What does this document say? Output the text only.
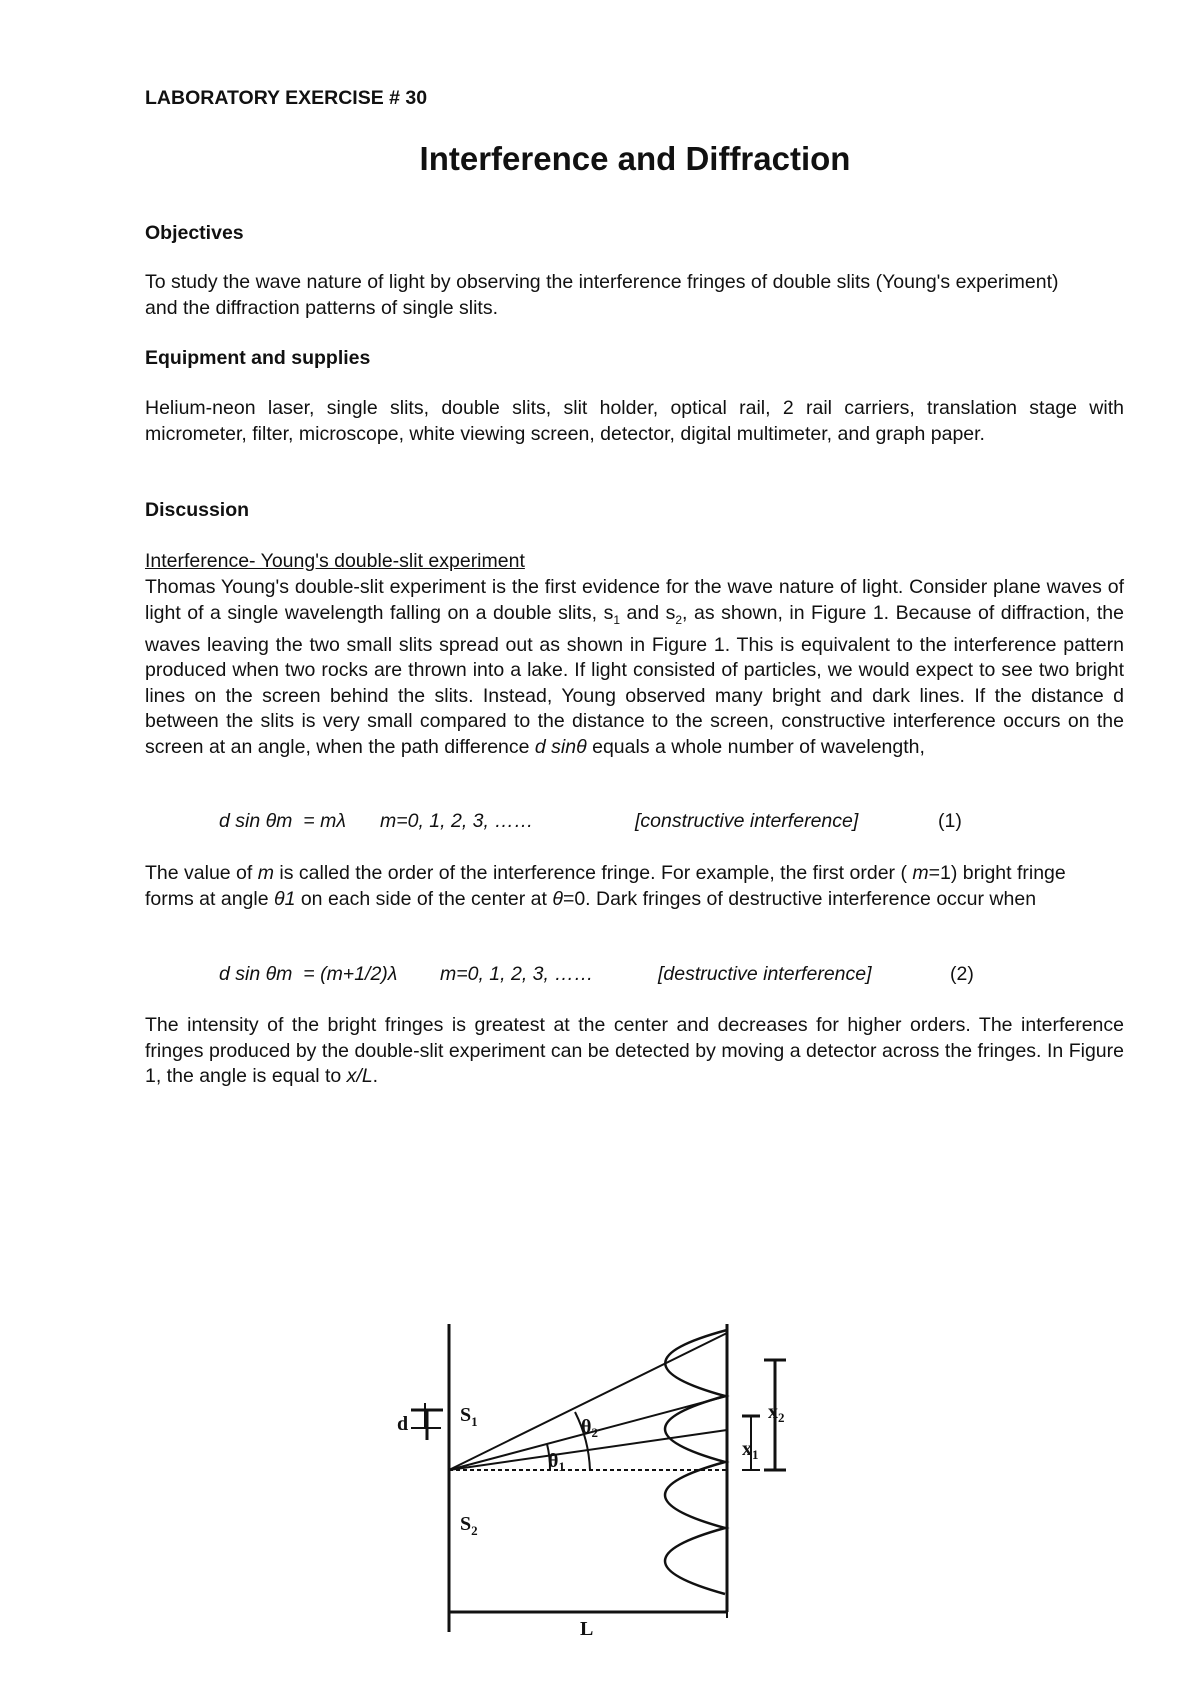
LABORATORY EXERCISE # 30
Interference and Diffraction
Objectives
To study the wave nature of light by observing the interference fringes of double slits (Young's experiment) and the diffraction patterns of single slits.
Equipment and supplies
Helium-neon laser, single slits, double slits, slit holder, optical rail, 2 rail carriers, translation stage with micrometer, filter, microscope, white viewing screen, detector, digital multimeter, and graph paper.
Discussion
Interference- Young's double-slit experiment
Thomas Young's double-slit experiment is the first evidence for the wave nature of light. Consider plane waves of light of a single wavelength falling on a double slits, $s_1$ and $s_2$, as shown, in Figure 1. Because of diffraction, the waves leaving the two small slits spread out as shown in Figure 1. This is equivalent to the interference pattern produced when two rocks are thrown into a lake. If light consisted of particles, we would expect to see two bright lines on the screen behind the slits. Instead, Young observed many bright and dark lines. If the distance d between the slits is very small compared to the distance to the screen, constructive interference occurs on the screen at an angle, when the path difference d sinθ equals a whole number of wavelength,
d sin θm  = mλ m=0, 1, 2, 3, ……	[constructive interference]	(1)
The value of m is called the order of the interference fringe. For example, the first order ( m=1) bright fringe forms at angle θ1 on each side of the center at θ=0. Dark fringes of destructive interference occur when
d sin θm  = (m+1/2)λ m=0, 1, 2, 3, ……	[destructive interference]	(2)
The intensity of the bright fringes is greatest at the center and decreases for higher orders. The interference fringes produced by the double-slit experiment can be detected by moving a detector across the fringes. In Figure 1, the angle is equal to x/L.
d	$S_1$
$S_2$
$\theta_1$
$\theta_2$
$x_1$
$x_2$
L
